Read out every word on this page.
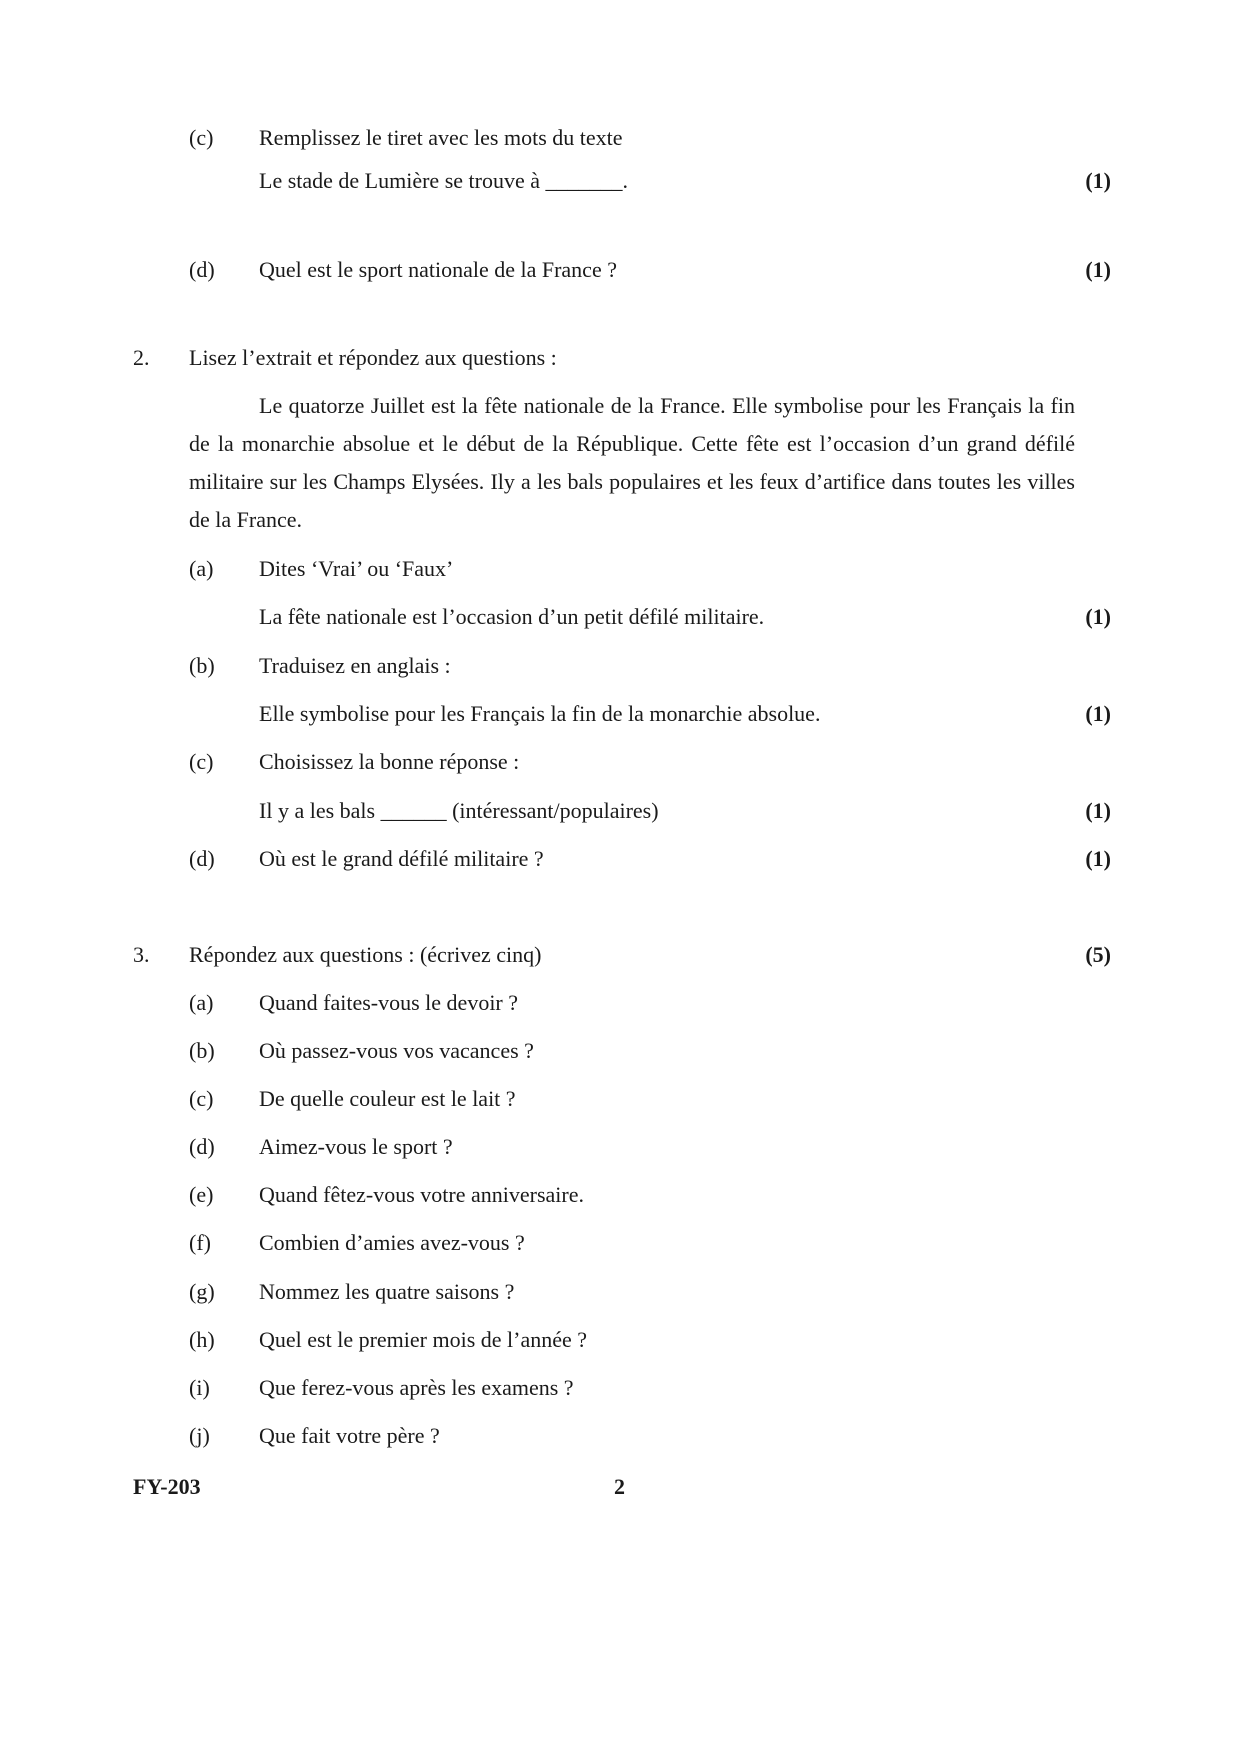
(c) Remplissez le tiret avec les mots du texte
Le stade de Lumière se trouve à _______.	(1)
(d) Quel est le sport nationale de la France ?	(1)
2. Lisez l’extrait et répondez aux questions :
Le quatorze Juillet est la fête nationale de la France. Elle symbolise pour les Français la fin de la monarchie absolue et le début de la République. Cette fête est l’occasion d’un grand défilé militaire sur les Champs Elysées. Ily a les bals populaires et les feux d’artifice dans toutes les villes de la France.
(a) Dites ‘Vrai’ ou ‘Faux’
La fête nationale est l’occasion d’un petit défilé militaire.	(1)
(b) Traduisez en anglais :
Elle symbolise pour les Français la fin de la monarchie absolue.	(1)
(c) Choisissez la bonne réponse :
Il y a les bals ______ (intéressant/populaires)	(1)
(d) Où est le grand défilé militaire ?	(1)
3. Répondez aux questions : (écrivez cinq)	(5)
(a) Quand faites-vous le devoir ?
(b) Où passez-vous vos vacances ?
(c) De quelle couleur est le lait ?
(d) Aimez-vous le sport ?
(e) Quand fêtez-vous votre anniversaire.
(f) Combien d’amies avez-vous ?
(g) Nommez les quatre saisons ?
(h) Quel est le premier mois de l’année ?
(i) Que ferez-vous après les examens ?
(j) Que fait votre père ?
FY-203	2
